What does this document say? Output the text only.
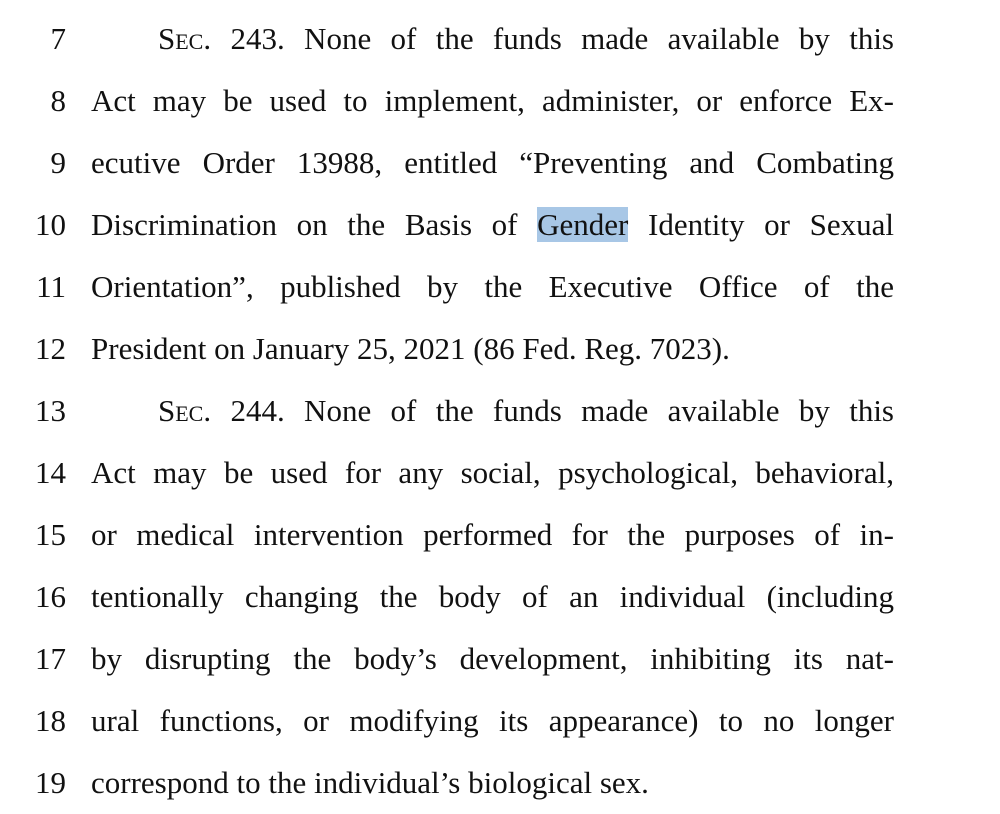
7	Sec. 243. None of the funds made available by this
8 Act may be used to implement, administer, or enforce Ex-
9 ecutive Order 13988, entitled “Preventing and Combating
10 Discrimination on the Basis of Gender Identity or Sexual
11 Orientation”, published by the Executive Office of the
12 President on January 25, 2021 (86 Fed. Reg. 7023).
13	Sec. 244. None of the funds made available by this
14 Act may be used for any social, psychological, behavioral,
15 or medical intervention performed for the purposes of in-
16 tentionally changing the body of an individual (including
17 by disrupting the body’s development, inhibiting its nat-
18 ural functions, or modifying its appearance) to no longer
19 correspond to the individual’s biological sex.
